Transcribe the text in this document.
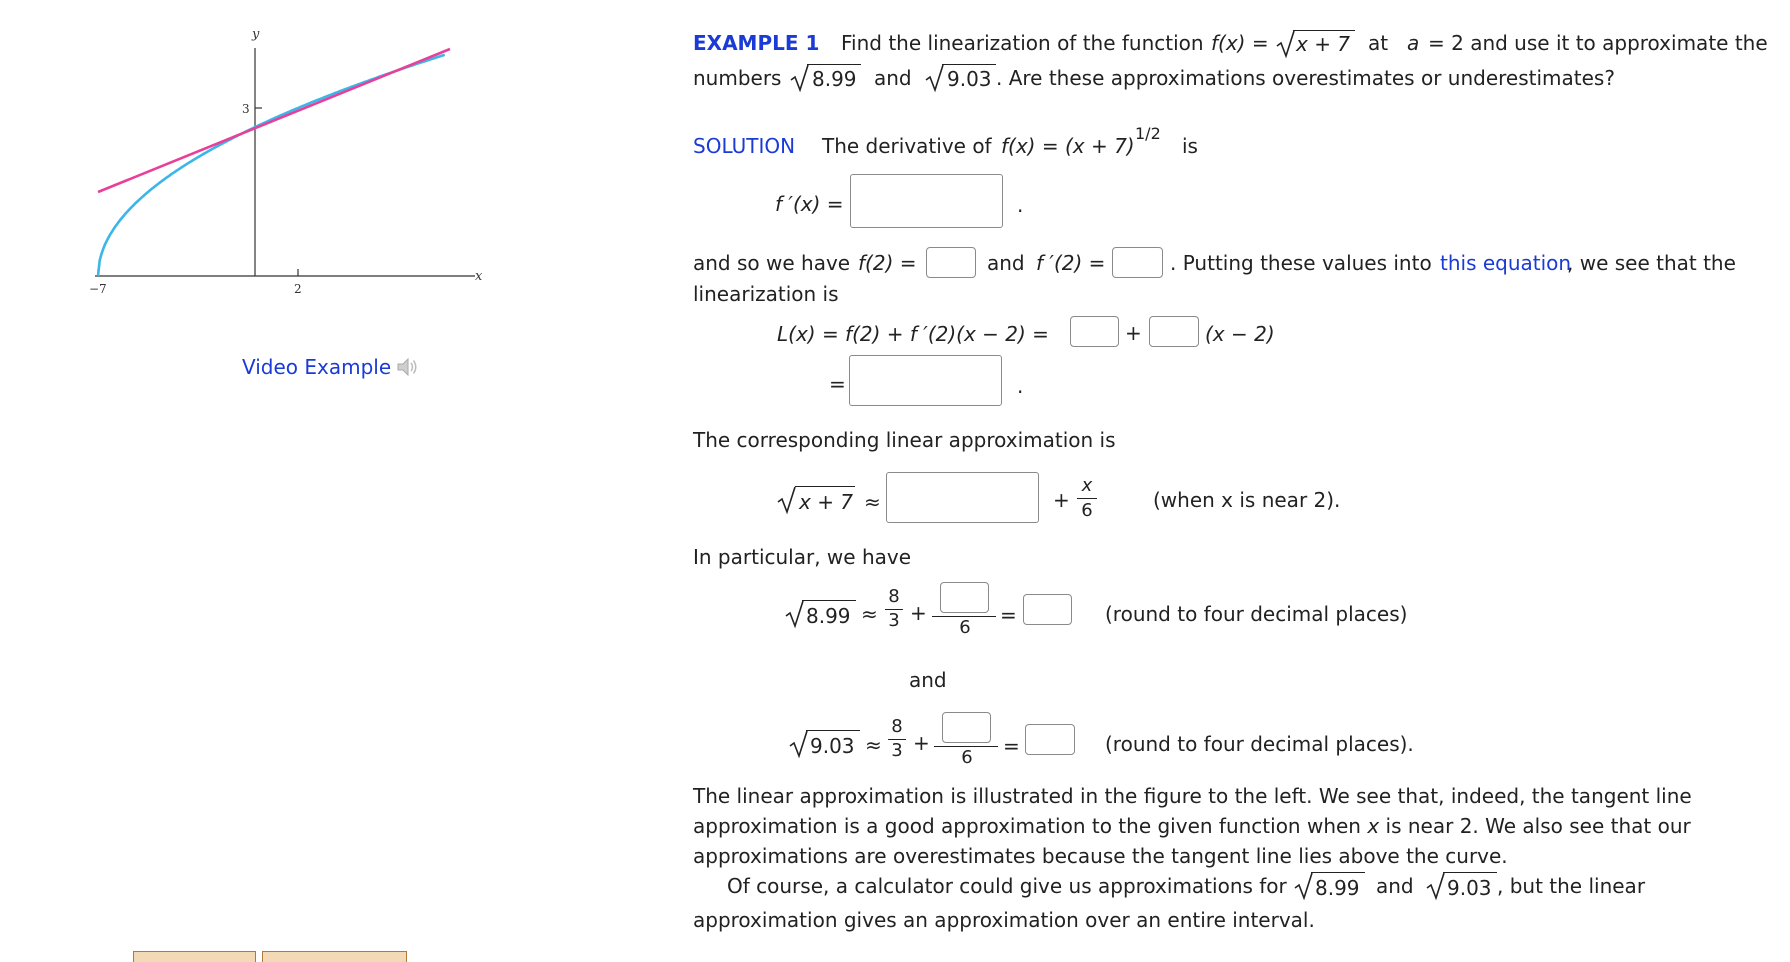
y
x
3
−7	2
Video Example
EXAMPLE 1 Find the linearization of the function f(x) = x + 7 at a = 2 and use it to approximate the
numbers 8.99 and 9.03 . Are these approximations overestimates or underestimates?
SOLUTION The derivative of f(x) = (x + 7)
1/2
is
f ′(x) =	.
and so we have f(2) =	and f ′(2) =	. Putting these values into this equation
, we see that the
linearization is
L(x) = f(2) + f ′(2)(x − 2) =	+	(x − 2)
=	.
The corresponding linear approximation is
x + 7 ≈	+
x
6	(when x is near 2).
In particular, we have
8.99 ≈
8
3 +
6
=	(round to four decimal places)
and
9.03 ≈
8
3 +
6	=	(round to four decimal places).
The linear approximation is illustrated in the figure to the left. We see that, indeed, the tangent line
approximation is a good approximation to the given function when x is near 2. We also see that our
approximations are overestimates because the tangent line lies above the curve.
Of course, a calculator could give us approximations for 8.99 and 9.03 , but the linear
approximation gives an approximation over an entire interval.
